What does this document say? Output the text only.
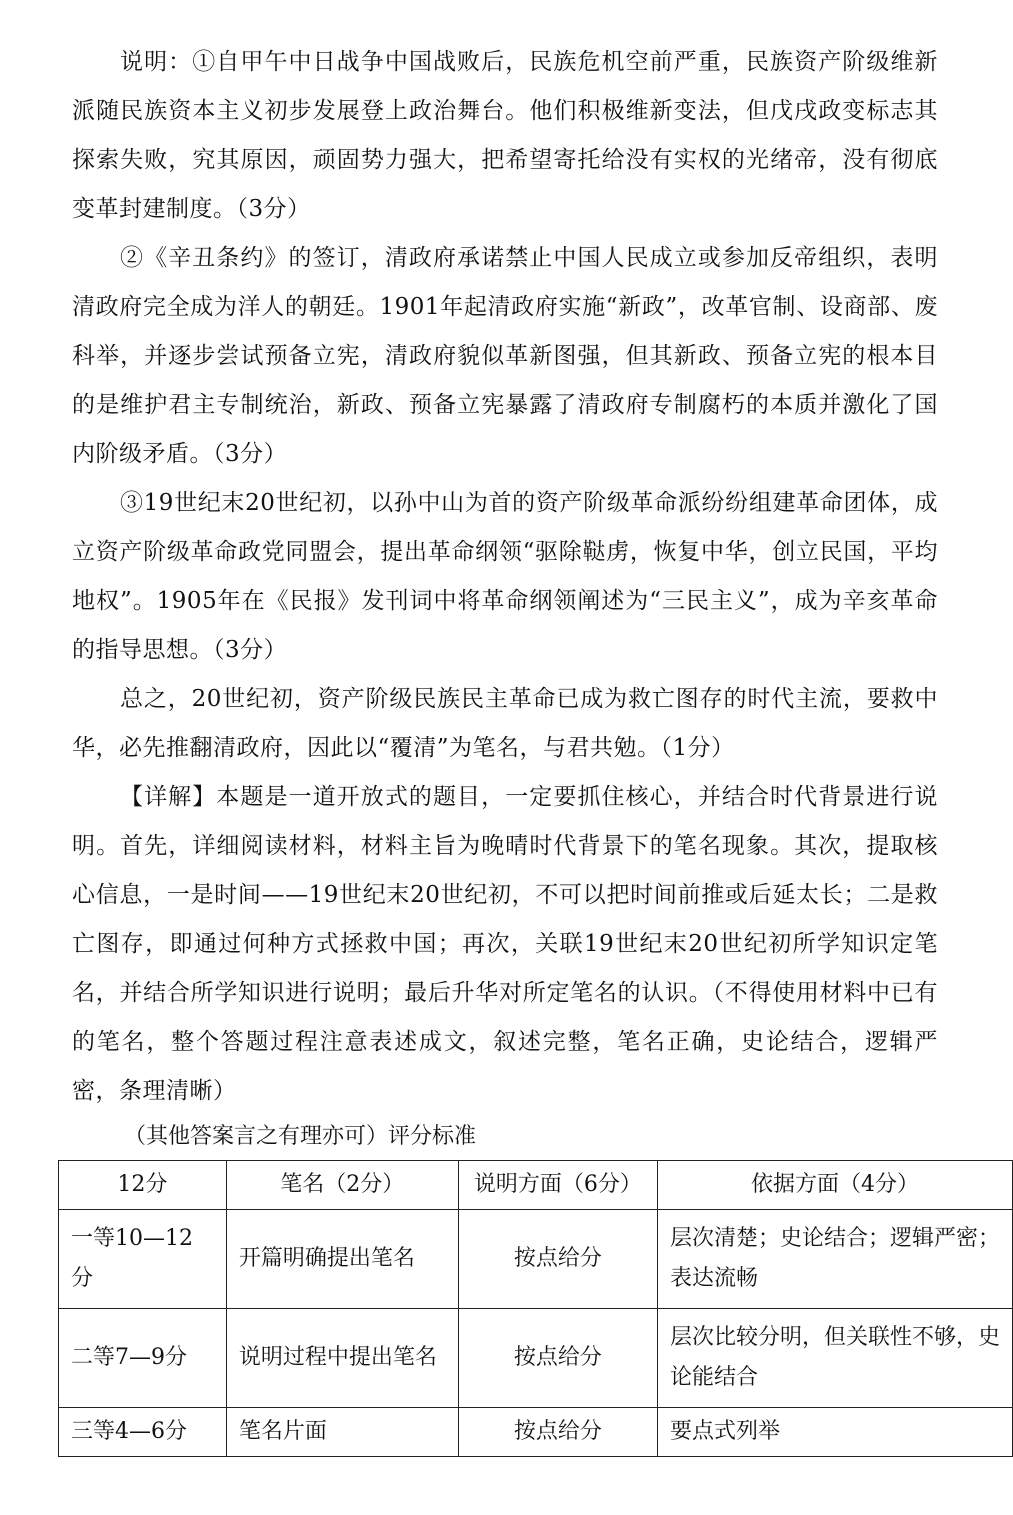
说明：①自甲午中日战争中国战败后，民族危机空前严重，民族资产阶级维新派随民族资本主义初步发展登上政治舞台。他们积极维新变法，但戊戌政变标志其探索失败，究其原因，顽固势力强大，把希望寄托给没有实权的光绪帝，没有彻底变革封建制度。（3分）

②《辛丑条约》的签订，清政府承诺禁止中国人民成立或参加反帝组织，表明清政府完全成为洋人的朝廷。1901年起清政府实施“新政”，改革官制、设商部、废科举，并逐步尝试预备立宪，清政府貌似革新图强，但其新政、预备立宪的根本目的是维护君主专制统治，新政、预备立宪暴露了清政府专制腐朽的本质并激化了国内阶级矛盾。（3分）

③19世纪末20世纪初，以孙中山为首的资产阶级革命派纷纷组建革命团体，成立资产阶级革命政党同盟会，提出革命纲领“驱除鞑虏，恢复中华，创立民国，平均地权”。1905年在《民报》发刊词中将革命纲领阐述为“三民主义”，成为辛亥革命的指导思想。（3分）

总之，20世纪初，资产阶级民族民主革命已成为救亡图存的时代主流，要救中华，必先推翻清政府，因此以“覆清”为笔名，与君共勉。（1分）

【详解】本题是一道开放式的题目，一定要抓住核心，并结合时代背景进行说明。首先，详细阅读材料，材料主旨为晚晴时代背景下的笔名现象。其次，提取核心信息，一是时间——19世纪末20世纪初，不可以把时间前推或后延太长；二是救亡图存，即通过何种方式拯救中国；再次，关联19世纪末20世纪初所学知识定笔名，并结合所学知识进行说明；最后升华对所定笔名的认识。（不得使用材料中已有的笔名，整个答题过程注意表述成文，叙述完整，笔名正确，史论结合，逻辑严密，条理清晰）

（其他答案言之有理亦可）评分标准

12分	笔名（2分）	说明方面（6分）	依据方面（4分）
一等10—12分	开篇明确提出笔名	按点给分	层次清楚；史论结合；逻辑严密；表达流畅

二等7—9分	说明过程中提出笔名	按点给分	层次比较分明，但关联性不够，史论能结合

三等4—6分	笔名片面	按点给分	要点式列举
